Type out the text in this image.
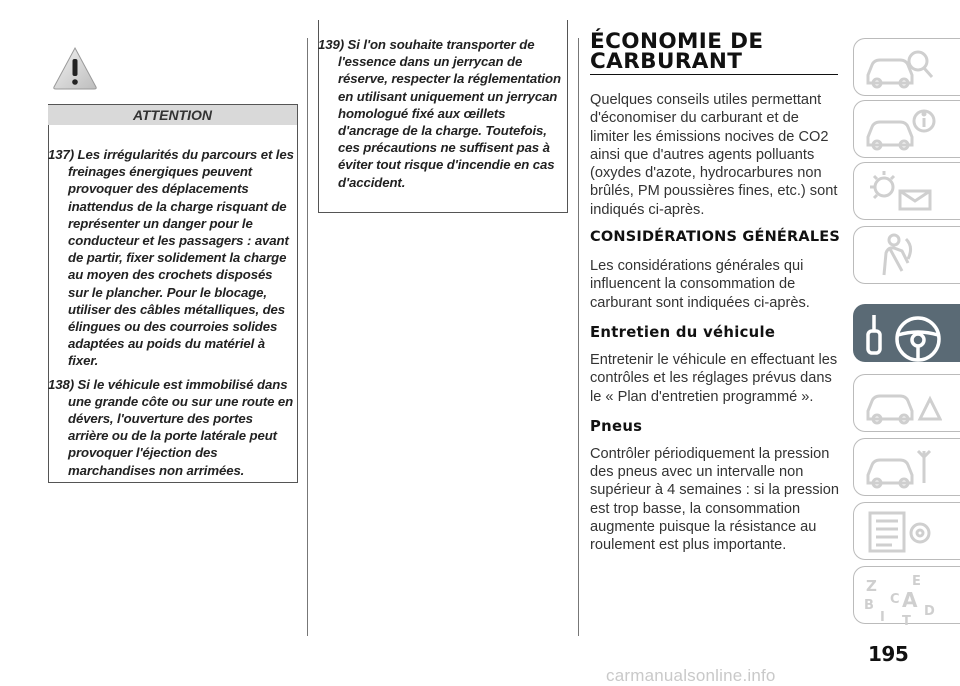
ATTENTION
137) Les irrégularités du parcours et les freinages énergiques peuvent provoquer des déplacements inattendus de la charge risquant de représenter un danger pour le conducteur et les passagers : avant de partir, fixer solidement la charge au moyen des crochets disposés sur le plancher. Pour le blocage, utiliser des câbles métalliques, des élingues ou des courroies solides adaptées au poids du matériel à fixer.
138) Si le véhicule est immobilisé dans une grande côte ou sur une route en dévers, l'ouverture des portes arrière ou de la porte latérale peut provoquer l'éjection des marchandises non arrimées.
139) Si l'on souhaite transporter de l'essence dans un jerrycan de réserve, respecter la réglementation en utilisant uniquement un jerrycan homologué fixé aux œillets d'ancrage de la charge. Toutefois, ces précautions ne suffisent pas à éviter tout risque d'incendie en cas d'accident.
ÉCONOMIE DE CARBURANT

Quelques conseils utiles permettant d'économiser du carburant et de limiter les émissions nocives de CO2 ainsi que d'autres agents polluants (oxydes d'azote, hydrocarbures non brûlés, PM poussières fines, etc.) sont indiqués ci-après.

CONSIDÉRATIONS GÉNÉRALES

Les considérations générales qui influencent la consommation de carburant sont indiquées ci-après.

Entretien du véhicule

Entretenir le véhicule en effectuant les contrôles et les réglages prévus dans le « Plan d'entretien programmé ».

Pneus

Contrôler périodiquement la pression des pneus avec un intervalle non supérieur à 4 semaines : si la pression est trop basse, la consommation augmente puisque la résistance au roulement est plus importante.

Z	E
B A D
I
C
T
195
carmanualsonline.info
